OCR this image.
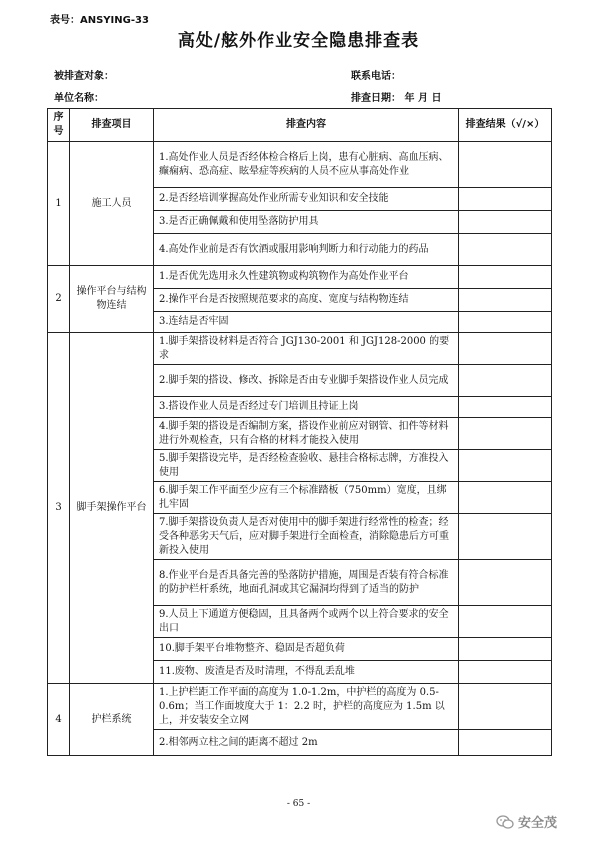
表号：ANSYING-33
高处/舷外作业安全隐患排查表
被排查对象：	联系电话：
单位名称：	排查日期： 年 月 日
序号	排查项目	排查内容	排查结果（√/×）
1	施工人员	1.高处作业人员是否经体检合格后上岗，患有心脏病、高血压病、癫痫病、恐高症、眩晕症等疾病的人员不应从事高处作业	
		2.是否经培训掌握高处作业所需专业知识和安全技能	
		3.是否正确佩戴和使用坠落防护用具	
		4.高处作业前是否有饮酒或服用影响判断力和行动能力的药品	
2	操作平台与结构物连结	1.是否优先选用永久性建筑物或构筑物作为高处作业平台	
		2.操作平台是否按照规范要求的高度、宽度与结构物连结	
		3.连结是否牢固	
3	脚手架操作平台	1.脚手架搭设材料是否符合 JGJ130-2001 和 JGJ128-2000 的要求	
		2.脚手架的搭设、修改、拆除是否由专业脚手架搭设作业人员完成	
		3.搭设作业人员是否经过专门培训且持证上岗	
		4.脚手架的搭设是否编制方案，搭设作业前应对钢管、扣件等材料进行外观检查，只有合格的材料才能投入使用	
		5.脚手架搭设完毕，是否经检查验收、悬挂合格标志牌，方准投入使用	
		6.脚手架工作平面至少应有三个标准踏板（750mm）宽度，且绑扎牢固	
		7.脚手架搭设负责人是否对使用中的脚手架进行经常性的检查；经受各种恶劣天气后，应对脚手架进行全面检查，消除隐患后方可重新投入使用	
		8.作业平台是否具备完善的坠落防护措施，周围是否装有符合标准的防护栏杆系统，地面孔洞或其它漏洞均得到了适当的防护	
		9.人员上下通道方便稳固，且具备两个或两个以上符合要求的安全出口	
		10.脚手架平台堆物整齐、稳固是否超负荷	
		11.废物、废渣是否及时清理，不得乱丢乱堆	
4	护栏系统	1.上护栏距工作平面的高度为 1.0-1.2m，中护栏的高度为 0.5-0.6m；当工作面坡度大于 1：2.2 时，护栏的高度应为 1.5m 以上，并安装安全立网	
		2.相邻两立柱之间的距离不超过 2m	
- 65 -
安全茂
